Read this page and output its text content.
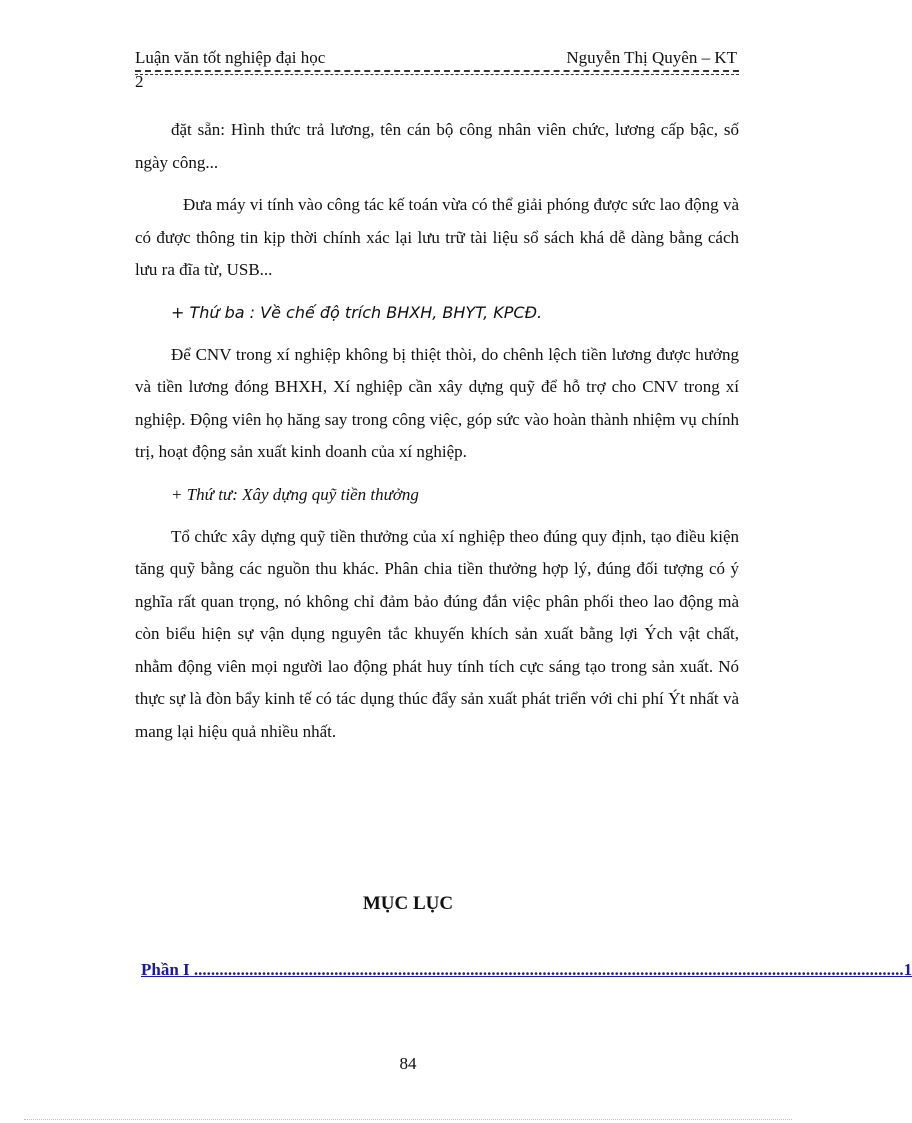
Luận văn tốt nghiệp đại học	Nguyễn Thị Quyên – KT
2

đặt sẵn: Hình thức trả lương, tên cán bộ công nhân viên chức, lương cấp bậc, số ngày công...

Đưa máy vi tính vào công tác kế toán vừa có thể giải phóng được sức lao động và có được thông tin kịp thời chính xác lại lưu trữ tài liệu sổ sách khá dễ dàng bằng cách lưu ra đĩa từ, USB...

+ Thứ ba : Về chế độ trích BHXH, BHYT, KPCĐ.

Để CNV trong xí nghiệp không bị thiệt thòi, do chênh lệch tiền lương được hưởng và tiền lương đóng BHXH, Xí nghiệp cần xây dựng quỹ để hỗ trợ cho CNV trong xí nghiệp. Động viên họ hăng say trong công việc, góp sức vào hoàn thành nhiệm vụ chính trị, hoạt động sản xuất kinh doanh của xí nghiệp.

+ Thứ tư: Xây dựng quỹ tiền thưởng

Tổ chức xây dựng quỹ tiền thưởng của xí nghiệp theo đúng quy định, tạo điều kiện tăng quỹ bằng các nguồn thu khác. Phân chia tiền thưởng hợp lý, đúng đối tượng có ý nghĩa rất quan trọng, nó không chỉ đảm bảo đúng đắn việc phân phối theo lao động mà còn biểu hiện sự vận dụng nguyên tắc khuyến khích sản xuất bằng lợi Ých vật chất, nhằm động viên mọi người lao động phát huy tính tích cực sáng tạo trong sản xuất. Nó thực sự là đòn bẩy kinh tế có tác dụng thúc đẩy sản xuất phát triển với chi phí Ýt nhất và mang lại hiệu quả nhiều nhất.

MỤC LỤC
Phần I ....................................................................................................................................................................... 1
84
